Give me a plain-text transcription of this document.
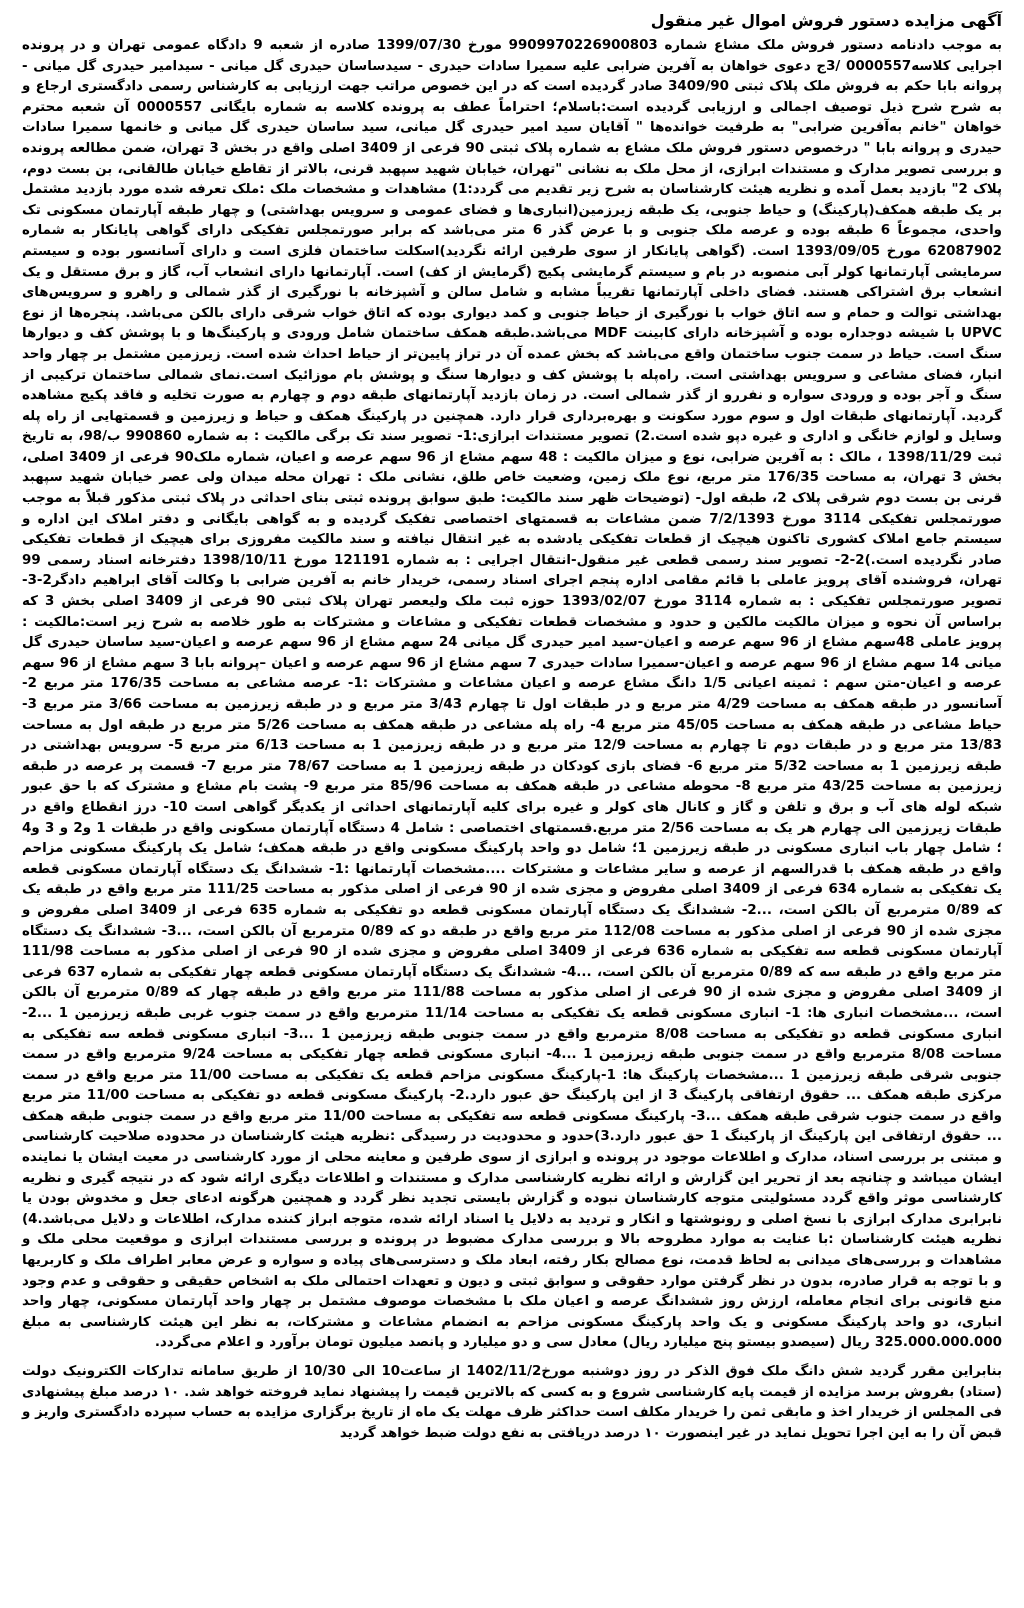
آگهی مزایده دستور فروش اموال غیر منقول

به موجب دادنامه دستور فروش ملک مشاع شماره 9909970226900803 مورخ 1399/07/30 صادره از شعبه 9 دادگاه عمومی تهران و در پرونده اجرایی کلاسه0000557 /3ج دعوی خواهان به آفرین ضرابی علیه سمیرا سادات حیدری - سیدساسان حیدری گل میانی - سیدامیر حیدری گل میانی - پروانه بابا حکم به فروش ملک پلاک ثبتی 3409/90 صادر گردیده است که در این خصوص مراتب جهت ارزیابی به کارشناس رسمی دادگستری ارجاع و به شرح شرح ذیل توصیف اجمالی و ارزیابی گردیده است:باسلام؛ احتراماً عطف به پرونده کلاسه به شماره بایگانی 0000557 آن شعبه محترم خواهان "خانم به‌آفرین ضرابی" به طرفیت خوانده‌ها " آقایان سید امیر حیدری گل میانی، سید ساسان حیدری گل میانی و خانمها سمیرا سادات حیدری و پروانه بابا " درخصوص دستور فروش ملک مشاع به شماره پلاک ثبتی 90 فرعی از 3409 اصلی واقع در بخش 3 تهران، ضمن مطالعه پرونده و بررسی تصویر مدارک و مستندات ابرازی، از محل ملک به نشانی "تهران، خیابان شهید سپهبد قرنی، بالاتر از تقاطع خیابان طالقانی، بن بست دوم، پلاک 2" بازدید بعمل آمده و نظریه هیئت کارشناسان به شرح زیر تقدیم می گردد:1) مشاهدات و مشخصات ملک :ملک تعرفه شده مورد بازدید مشتمل بر یک طبقه همکف(پارکینگ) و حیاط جنوبی، یک طبقه زیرزمین(انباری‌ها و فضای عمومی و سرویس بهداشتی) و چهار طبقه آپارتمان مسکونی تک واحدی، مجموعاً 6 طبقه بوده و عرصه ملک جنوبی و با عرض گذر 6 متر می‌باشد که برابر صورتمجلس تفکیکی دارای گواهی پایانکار به شماره 62087902 مورخ 1393/09/05 است. (گواهی پایانکار از سوی طرفین ارائه نگردید)اسکلت ساختمان فلزی است و دارای آسانسور بوده و سیستم سرمایشی آپارتمانها کولر آبی منصوبه در بام و سیستم گرمایشی پکیج (گرمایش از کف) است. آپارتمانها دارای انشعاب آب، گاز و برق مستقل و یک انشعاب برق اشتراکی هستند. فضای داخلی آپارتمانها تقریباً مشابه و شامل سالن و آشپزخانه با نورگیری از گذر شمالی و راهرو و سرویس‌های بهداشتی توالت و حمام و سه اتاق خواب با نورگیری از حیاط جنوبی و کمد دیواری بوده که اتاق خواب شرقی دارای بالکن می‌باشد. پنجره‌ها از نوع UPVC با شیشه دوجداره بوده و آشپزخانه دارای کابینت MDF می‌باشد.طبقه همکف ساختمان شامل ورودی و پارکینگ‌ها و با پوشش کف و دیوارها سنگ است. حیاط در سمت جنوب ساختمان واقع می‌باشد که بخش عمده آن در تراز پایین‌تر از حیاط احداث شده است. زیرزمین مشتمل بر چهار واحد انبار، فضای مشاعی و سرویس بهداشتی است. راه‌پله با پوشش کف و دیوارها سنگ و پوشش بام موزائیک است.نمای شمالی ساختمان ترکیبی از سنگ و آجر بوده و ورودی سواره و نفررو از گذر شمالی است. در زمان بازدید آپارتمانهای طبقه دوم و چهارم به صورت تخلیه و فاقد پکیج مشاهده گردید. آپارتمانهای طبقات اول و سوم مورد سکونت و بهره‌برداری قرار دارد. همچنین در پارکینگ همکف و حیاط و زیرزمین و قسمتهایی از راه پله وسایل و لوازم خانگی و اداری و غیره دپو شده است.2) تصویر مستندات ابرازی:1- تصویر سند تک برگی مالکیت : به شماره 990860 ب/98، به تاریخ ثبت 1398/11/29 ، مالک : به آفرین ضرابی، نوع و میزان مالکیت : 48 سهم مشاع از 96 سهم عرصه و اعیان، شماره ملک90 فرعی از 3409 اصلی، بخش 3 تهران، به مساحت 176/35 متر مربع، نوع ملک زمین، وضعیت خاص طلق، نشانی ملک : تهران محله میدان ولی عصر خیابان شهید سپهبد قرنی بن بست دوم شرقی پلاک 2، طبقه اول- (توضیحات ظهر سند مالکیت: طبق سوابق پرونده ثبتی بنای احداثی در پلاک ثبتی مذکور قبلاً به موجب صورتمجلس تفکیکی 3114 مورخ 7/2/1393 ضمن مشاعات به قسمتهای اختصاصی تفکیک گردیده و به گواهی بایگانی و دفتر املاک این اداره و سیستم جامع املاک کشوری تاکنون هیچیک از قطعات تفکیکی یادشده به غیر انتقال نیافته و سند مالکیت مفروزی برای هیچیک از قطعات تفکیکی صادر نگردیده است.)2-2- تصویر سند رسمی قطعی غیر منقول-انتقال اجرایی : به شماره 121191 مورخ 1398/10/11 دفترخانه اسناد رسمی 99 تهران، فروشنده آقای پرویز عاملی با قائم مقامی اداره پنجم اجرای اسناد رسمی، خریدار خانم به آفرین ضرابی با وکالت آقای ابراهیم دادگر2-3- تصویر صورتمجلس تفکیکی : به شماره 3114 مورخ 1393/02/07 حوزه ثبت ملک ولیعصر تهران پلاک ثبتی 90 فرعی از 3409 اصلی بخش 3 که براساس آن نحوه و میزان مالکیت مالکین و حدود و مشخصات قطعات تفکیکی و مشاعات و مشترکات به طور خلاصه به شرح زیر است:مالکیت : پرویز عاملی 48سهم مشاع از 96 سهم عرصه و اعیان-سید امیر حیدری گل میانی 24 سهم مشاع از 96 سهم عرصه و اعیان-سید ساسان حیدری گل میانی 14 سهم مشاع از 96 سهم عرصه و اعیان-سمیرا سادات حیدری 7 سهم مشاع از 96 سهم عرصه و اعیان –پروانه بابا 3 سهم مشاع از 96 سهم عرصه و اعیان-متن سهم : ثمینه اعیانی 1/5 دانگ مشاع عرصه و اعیان مشاعات و مشترکات :1- عرصه مشاعی به مساحت 176/35 متر مربع 2- آسانسور در طبقه همکف به مساحت 4/29 متر مربع و در طبقات اول تا چهارم 3/43 متر مربع و در طبقه زیرزمین به مساحت 3/66 متر مربع 3- حیاط مشاعی در طبقه همکف به مساحت 45/05 متر مربع 4- راه پله مشاعی در طبقه همکف به مساحت 5/26 متر مربع در طبقه اول به مساحت 13/83 متر مربع و در طبقات دوم تا چهارم به مساحت 12/9 متر مربع و در طبقه زیرزمین 1 به مساحت 6/13 متر مربع 5- سرویس بهداشتی در طبقه زیرزمین 1 به مساحت 5/32 متر مربع 6- فضای بازی کودکان در طبقه زیرزمین 1 به مساحت 78/67 متر مربع 7- قسمت پر عرصه در طبقه زیرزمین به مساحت 43/25 متر مربع 8- محوطه مشاعی در طبقه همکف به مساحت 85/96 متر مربع 9- پشت بام مشاع و مشترک که با حق عبور شبکه لوله های آب و برق و تلفن و گاز و کانال های کولر و غیره برای کلیه آپارتمانهای احداثی از یکدیگر گواهی است 10- درز انقطاع واقع در طبقات زیرزمین الی چهارم هر یک به مساحت 2/56 متر مربع.قسمتهای اختصاصی : شامل 4 دستگاه آپارتمان مسکونی واقع در طبقات 1 و2 و 3 و4 ؛ شامل چهار باب انباری مسکونی در طبقه زیرزمین 1؛ شامل دو واحد پارکینگ مسکونی واقع در طبقه همکف؛ شامل یک پارکینگ مسکونی مزاحم واقع در طبقه همکف با قدرالسهم از عرصه و سایر مشاعات و مشترکات ....مشخصات آپارتمانها :1- ششدانگ یک دستگاه آپارتمان مسکونی قطعه یک تفکیکی به شماره 634 فرعی از 3409 اصلی مفروض و مجزی شده از 90 فرعی از اصلی مذکور به مساحت 111/25 متر مربع واقع در طبقه یک که 0/89 مترمربع آن بالکن است، ...2- ششدانگ یک دستگاه آپارتمان مسکونی قطعه دو تفکیکی به شماره 635 فرعی از 3409 اصلی مفروض و مجزی شده از 90 فرعی از اصلی مذکور به مساحت 112/08 متر مربع واقع در طبقه دو که 0/89 مترمربع آن بالکن است، ...3- ششدانگ یک دستگاه آپارتمان مسکونی قطعه سه تفکیکی به شماره 636 فرعی از 3409 اصلی مفروض و مجزی شده از 90 فرعی از اصلی مذکور به مساحت 111/98 متر مربع واقع در طبقه سه که 0/89 مترمربع آن بالکن است، ...4- ششدانگ یک دستگاه آپارتمان مسکونی قطعه چهار تفکیکی به شماره 637 فرعی از 3409 اصلی مفروض و مجزی شده از 90 فرعی از اصلی مذکور به مساحت 111/88 متر مربع واقع در طبقه چهار که 0/89 مترمربع آن بالکن است، ...مشخصات انباری ها: 1- انباری مسکونی قطعه یک تفکیکی به مساحت 11/14 مترمربع واقع در سمت جنوب غربی طبقه زیرزمین 1 ...2- انباری مسکونی قطعه دو تفکیکی به مساحت 8/08 مترمربع واقع در سمت جنوبی طبقه زیرزمین 1 ...3- انباری مسکونی قطعه سه تفکیکی به مساحت 8/08 مترمربع واقع در سمت جنوبی طبقه زیرزمین 1 ...4- انباری مسکونی قطعه چهار تفکیکی به مساحت 9/24 مترمربع واقع در سمت جنوبی شرقی طبقه زیرزمین 1 ...مشخصات پارکینگ ها: 1-پارکینگ مسکونی مزاحم قطعه یک تفکیکی به مساحت 11/00 متر مربع واقع در سمت مرکزی طبقه همکف ... حقوق ارتفاقی پارکینگ 3 از این پارکینگ حق عبور دارد.2- پارکینگ مسکونی قطعه دو تفکیکی به مساحت 11/00 متر مربع واقع در سمت جنوب شرقی طبقه همکف ...3- پارکینگ مسکونی قطعه سه تفکیکی به مساحت 11/00 متر مربع واقع در سمت جنوبی طبقه همکف ... حقوق ارتفاقی این پارکینگ از پارکینگ 1 حق عبور دارد.3)حدود و محدودیت در رسیدگی :نظریه هیئت کارشناسان در محدوده صلاحیت کارشناسی و مبتنی بر بررسی اسناد، مدارک و اطلاعات موجود در پرونده و ابرازی از سوی طرفین و معاینه محلی از مورد کارشناسی در معیت ایشان یا نماینده ایشان میباشد و چنانچه بعد از تحریر این گزارش و ارائه نظریه کارشناسی مدارک و مستندات و اطلاعات دیگری ارائه شود که در نتیجه گیری و نظریه کارشناسی موثر واقع گردد مسئولیتی متوجه کارشناسان نبوده و گزارش بایستی تجدید نظر گردد و همچنین هرگونه ادعای جعل و مخدوش بودن یا نابرابری مدارک ابرازی با نسخ اصلی و رونوشتها و انکار و تردید به دلایل یا اسناد ارائه شده، متوجه ابراز کننده مدارک، اطلاعات و دلایل می‌باشد.4) نظریه هیئت کارشناسان :با عنایت به موارد مطروحه بالا و بررسی مدارک مضبوط در پرونده و بررسی مستندات ابرازی و موقعیت محلی ملک و مشاهدات و بررسی‌های میدانی به لحاظ قدمت، نوع مصالح بکار رفته، ابعاد ملک و دسترسی‌های پیاده و سواره و عرض معابر اطراف ملک و کاربریها و با توجه به قرار صادره، بدون در نظر گرفتن موارد حقوقی و سوابق ثبتی و دیون و تعهدات احتمالی ملک به اشخاص حقیقی و حقوقی و عدم وجود منع قانونی برای انجام معامله، ارزش روز ششدانگ عرصه و اعیان ملک با مشخصات موصوف مشتمل بر چهار واحد آپارتمان مسکونی، چهار واحد انباری، دو واحد پارکینگ مسکونی و یک واحد پارکینگ مسکونی مزاحم به انضمام مشاعات و مشترکات، به نظر این هیئت کارشناسی به مبلغ 325.000.000.000 ریال (سیصدو بیستو پنج میلیارد ریال) معادل سی و دو میلیارد و پانصد میلیون تومان برآورد و اعلام می‌گردد.

بنابراین مقرر گردید شش دانگ ملک فوق الذکر در روز دوشنبه مورخ1402/11/2 از ساعت10 الی 10/30 از طریق سامانه تدارکات الکترونیک دولت (ستاد) بفروش برسد مزایده از قیمت پایه کارشناسی شروع و به کسی که بالاترین قیمت را پیشنهاد نماید فروخته خواهد شد. ۱۰ درصد مبلغ پیشنهادی فی المجلس از خریدار اخذ و مابقی ثمن را خریدار مکلف است حداکثر ظرف مهلت یک ماه از تاریخ برگزاری مزایده به حساب سپرده دادگستری واریز و قبض آن را به این اجرا تحویل نماید در غیر اینصورت ۱۰ درصد دریافتی به نفع دولت ضبط خواهد گردید
